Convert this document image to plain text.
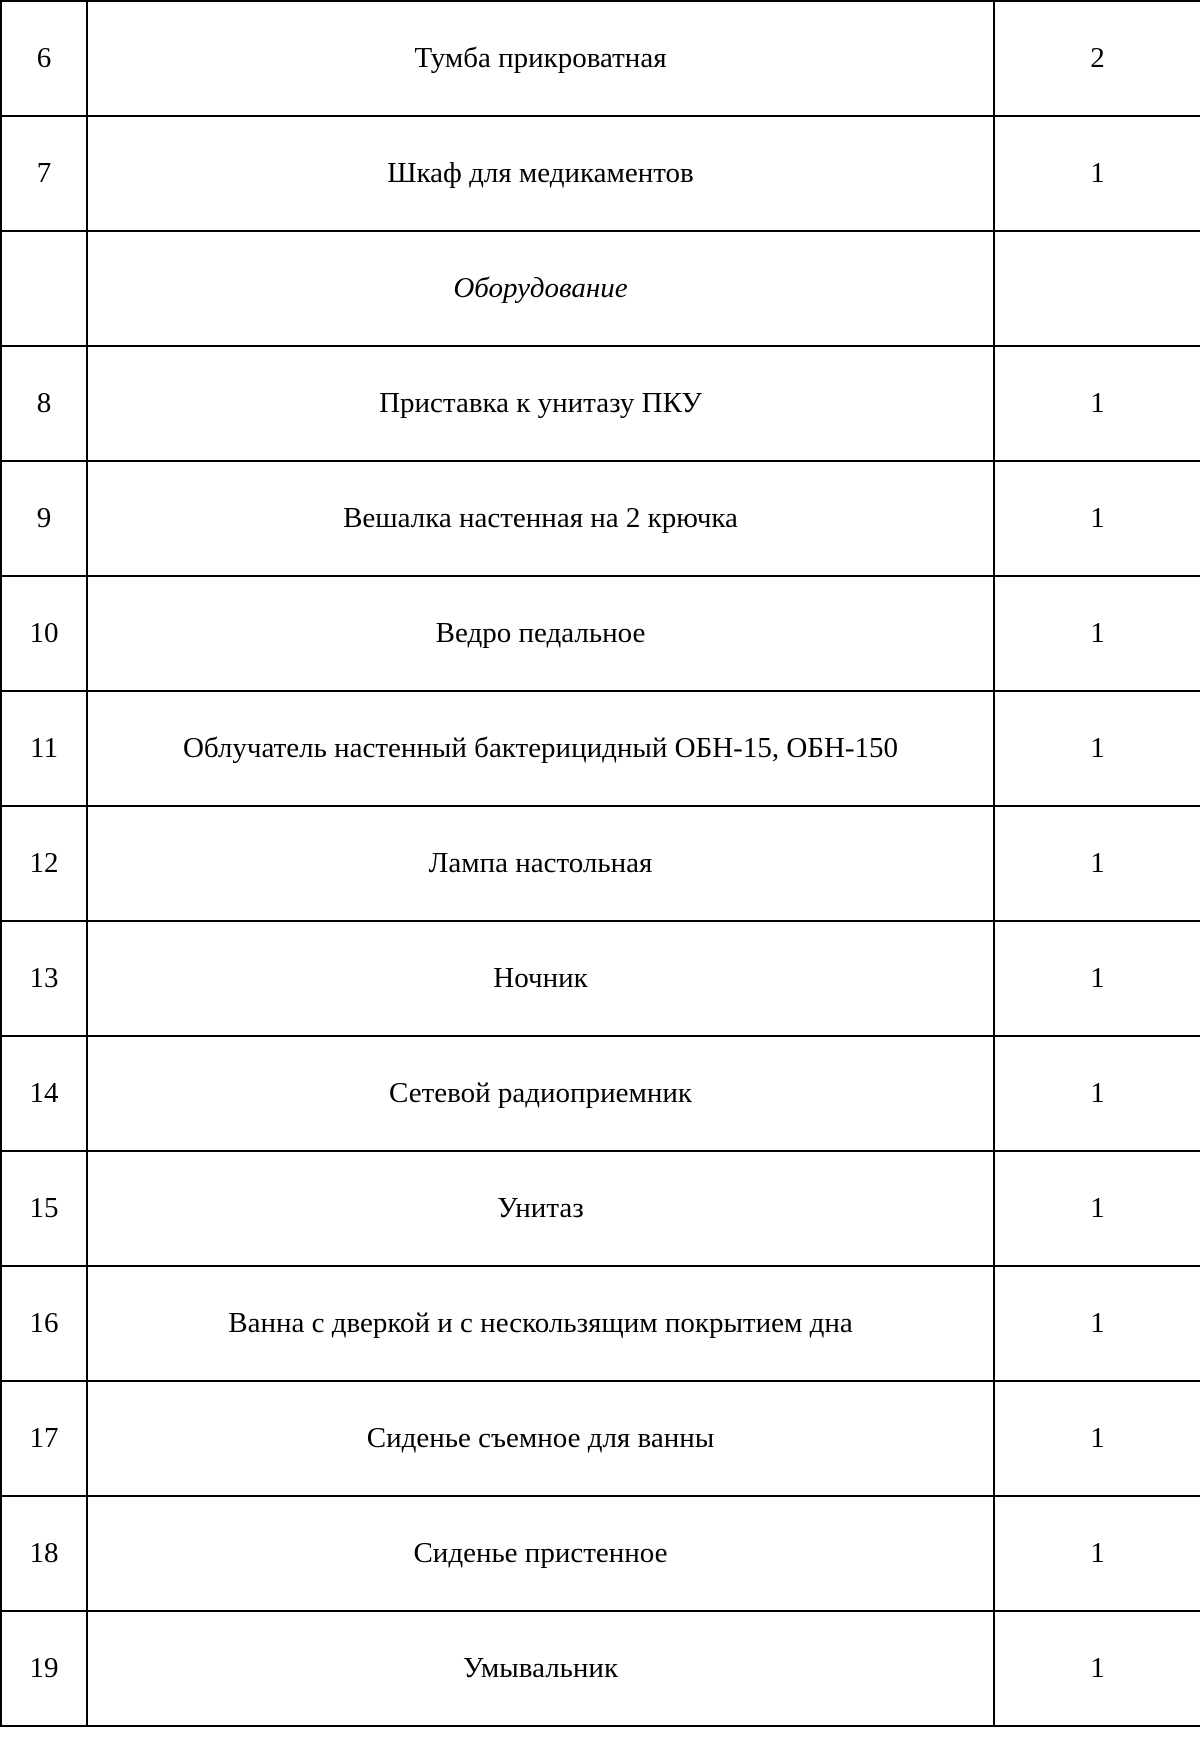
6	Тумба прикроватная	2
7	Шкаф для медикаментов	1
	Оборудование	
8	Приставка к унитазу ПКУ	1
9	Вешалка настенная на 2 крючка	1
10	Ведро педальное	1
11	Облучатель настенный бактерицидный ОБН-15, ОБН-150	1
12	Лампа настольная	1
13	Ночник	1
14	Сетевой радиоприемник	1
15	Унитаз	1
16	Ванна с дверкой и с нескользящим покрытием дна	1
17	Сиденье съемное для ванны	1
18	Сиденье пристенное	1
19	Умывальник	1
